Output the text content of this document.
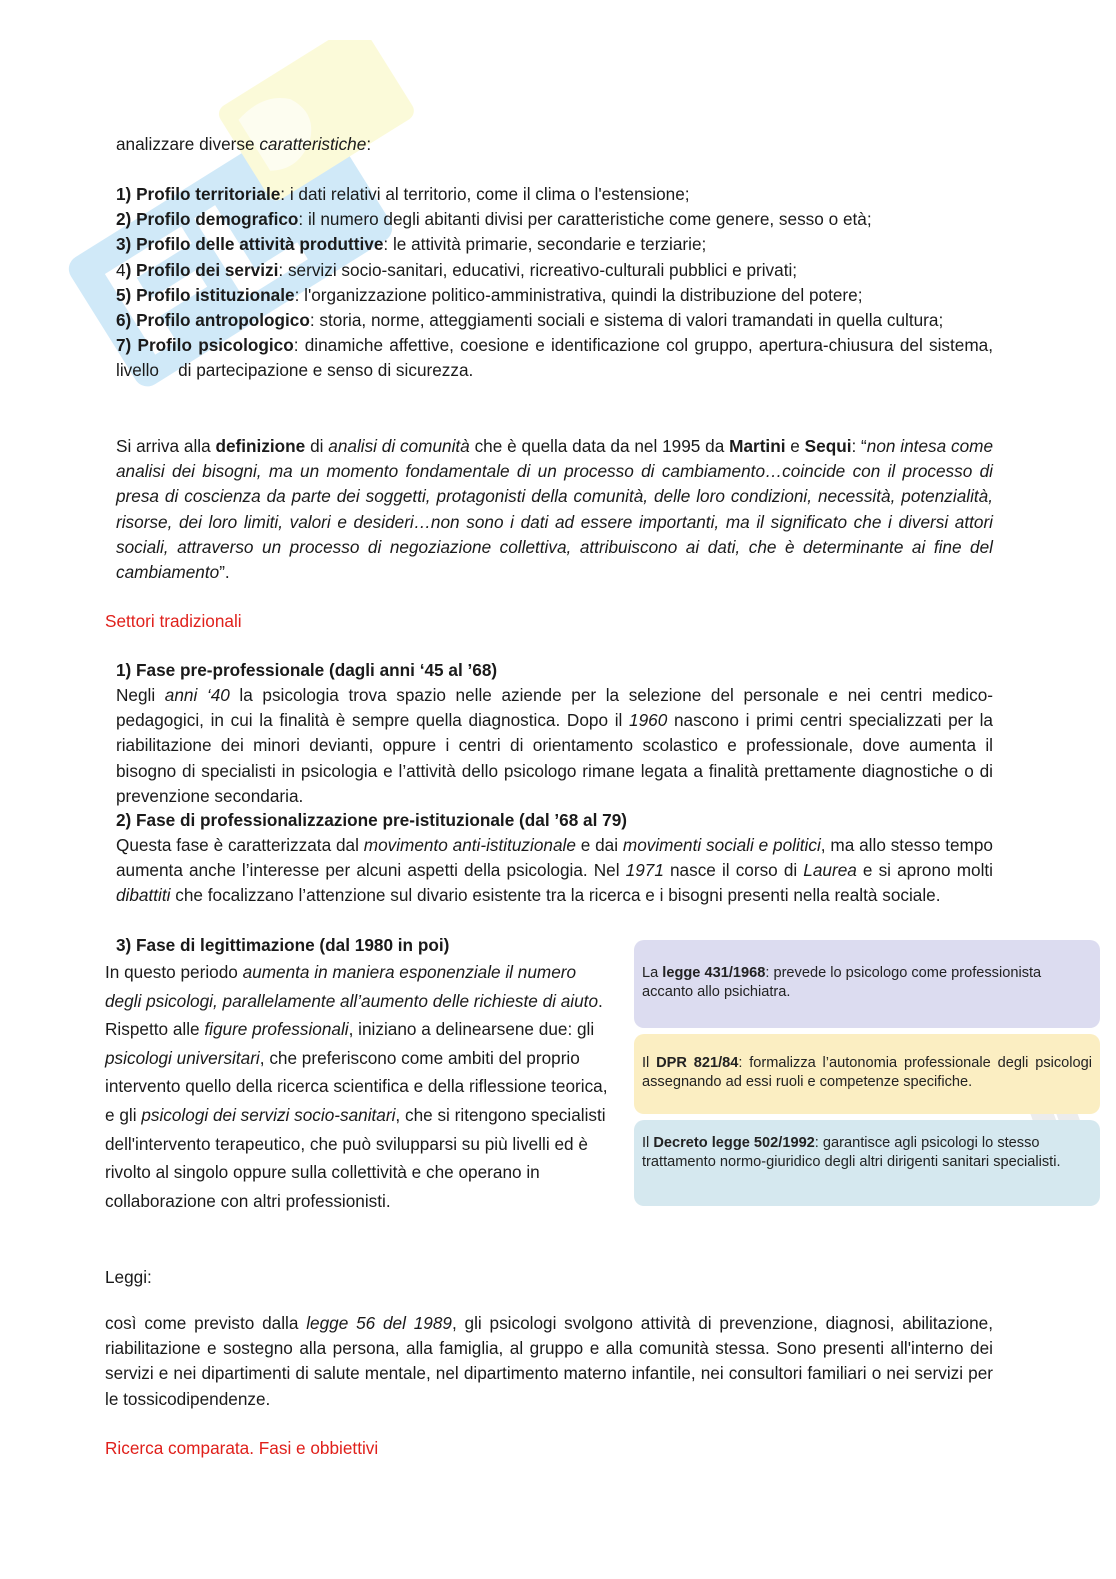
analizzare diverse caratteristiche:

1) Profilo territoriale: i dati relativi al territorio, come il clima o l'estensione;
2) Profilo demografico: il numero degli abitanti divisi per caratteristiche come genere, sesso o età;
3) Profilo delle attività produttive: le attività primarie, secondarie e terziarie;
4) Profilo dei servizi: servizi socio-sanitari, educativi, ricreativo-culturali pubblici e privati;
5) Profilo istituzionale: l'organizzazione politico-amministrativa, quindi la distribuzione del potere;
6) Profilo antropologico: storia, norme, atteggiamenti sociali e sistema di valori tramandati in quella cultura;
7) Profilo psicologico: dinamiche affettive, coesione e identificazione col gruppo, apertura-chiusura del sistema, livello    di partecipazione e senso di sicurezza.

Si arriva alla definizione di analisi di comunità che è quella data da nel 1995 da Martini e Sequi: “non intesa come analisi dei bisogni, ma un momento fondamentale di un processo di cambiamento…coincide con il processo di presa di coscienza da parte dei soggetti, protagonisti della comunità, delle loro condizioni, necessità, potenzialità, risorse, dei loro limiti, valori e desideri…non sono i dati ad essere importanti, ma il significato che i diversi attori sociali, attraverso un processo di negoziazione collettiva, attribuiscono ai dati, che è determinante ai fine del cambiamento”.

Settori tradizionali

1) Fase pre-professionale (dagli anni ‘45 al ’68)

Negli anni ‘40 la psicologia trova spazio nelle aziende per la selezione del personale e nei centri medico-pedagogici, in cui la finalità è sempre quella diagnostica. Dopo il 1960 nascono i primi centri specializzati per la riabilitazione dei minori devianti, oppure i centri di orientamento scolastico e professionale, dove aumenta il bisogno di specialisti in psicologia e l’attività dello psicologo rimane legata a finalità prettamente diagnostiche o di prevenzione secondaria.

2) Fase di professionalizzazione pre-istituzionale (dal ’68 al 79)

Questa fase è caratterizzata dal movimento anti-istituzionale e dai movimenti sociali e politici, ma allo stesso tempo aumenta anche l’interesse per alcuni aspetti della psicologia. Nel 1971 nasce il corso di Laurea e si aprono molti dibattiti che focalizzano l’attenzione sul divario esistente tra la ricerca e i bisogni presenti nella realtà sociale.

3) Fase di legittimazione (dal 1980 in poi)

In questo periodo aumenta in maniera esponenziale il numero degli psicologi, parallelamente all’aumento delle richieste di aiuto. Rispetto alle figure professionali, iniziano a delinearsene due: gli psicologi universitari, che preferiscono come ambiti del proprio intervento quello della ricerca scientifica e della riflessione teorica, e gli psicologi dei servizi socio-sanitari, che si ritengono specialisti dell'intervento terapeutico, che può svilupparsi su più livelli ed è rivolto al singolo oppure sulla collettività e che operano in collaborazione con altri professionisti.

La legge 431/1968: prevede lo psicologo come professionista accanto allo psichiatra.
Il DPR 821/84: formalizza l’autonomia professionale degli psicologi assegnando ad essi ruoli e competenze specifiche.
Il Decreto legge 502/1992: garantisce agli psicologi lo stesso trattamento normo-giuridico degli altri dirigenti sanitari specialisti.

Leggi:

così come previsto dalla legge 56 del 1989, gli psicologi svolgono attività di prevenzione, diagnosi, abilitazione, riabilitazione e sostegno alla persona, alla famiglia, al gruppo e alla comunità stessa. Sono presenti all'interno dei servizi e nei dipartimenti di salute mentale, nel dipartimento materno infantile, nei consultori familiari o nei servizi per le tossicodipendenze.

Ricerca comparata. Fasi e obbiettivi
